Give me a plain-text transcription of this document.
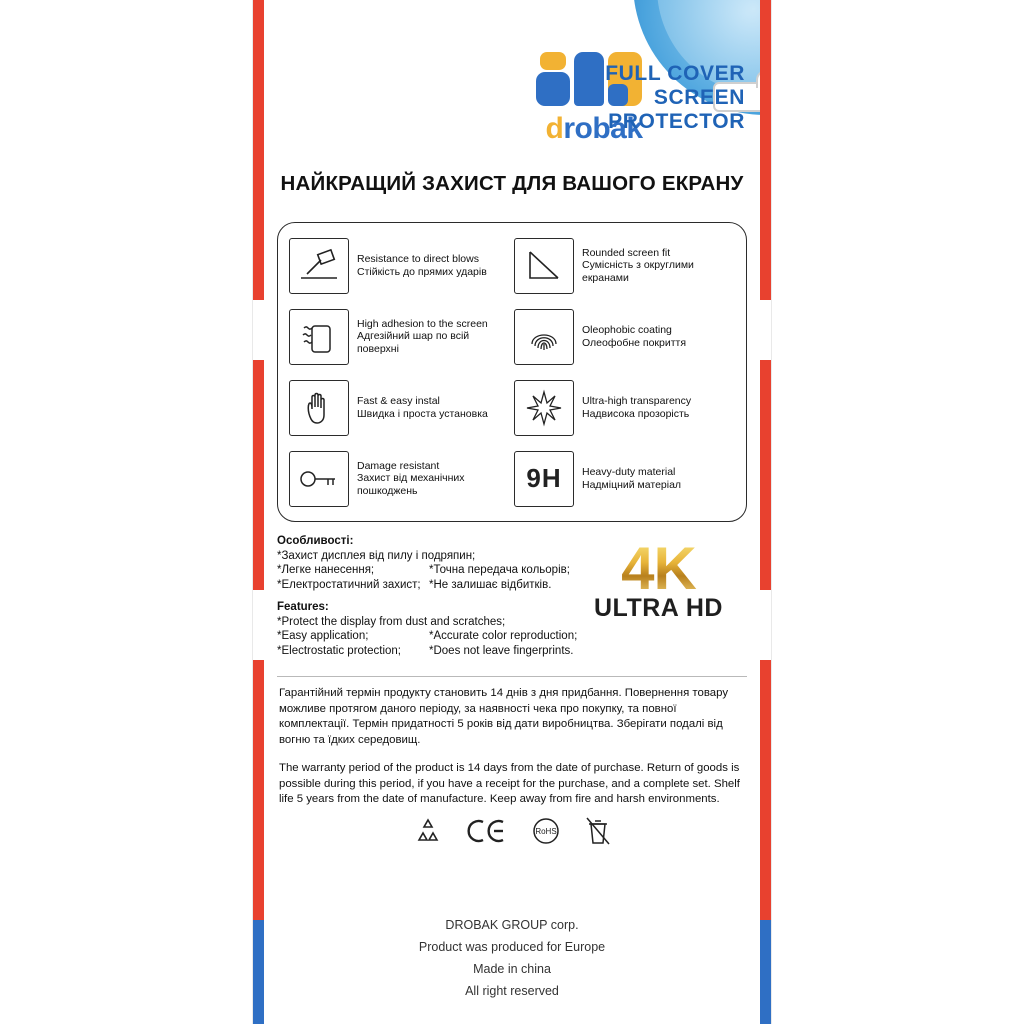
drobak
FULL COVER
SCREEN
PROTECTOR
НАЙКРАЩИЙ ЗАХИСТ ДЛЯ ВАШОГО ЕКРАНУ
Resistance to direct blows
Стійкість до прямих ударів
Rounded screen fit
Сумісність з округлими екранами
High adhesion to the screen
Адгезійний шар по всій поверхні
Oleophobic coating
Олеофобне покриття
Fast & easy instal
Швидка і проста установка
Ultra-high transparency
Надвисока прозорість
Damage resistant
Захист від механічних пошкоджень	9H Heavy-duty material
Надміцний матеріал
Особливості:
*Захист дисплея від пилу і подряпин;
*Легке нанесення;
*Електростатичний захист;
*Точна передача кольорів;
*Не залишає відбитків.
Features:
*Protect the display from dust and scratches;
*Easy application;
*Electrostatic protection;
*Accurate color reproduction;
*Does not leave fingerprints.
4K
ULTRA HD

Гарантійний термін продукту становить 14 днів з дня придбання. Повернення товару можливе протягом даного періоду, за наявності чека про покупку, та повної комплектації. Термін придатності 5 років від дати виробництва. Зберігати подалі від вогню та їдких середовищ.

The warranty period of the product is 14 days from the date of purchase. Return of goods is possible during this period, if you have a receipt for the purchase, and a complete set. Shelf life 5 years from the date of manufacture. Keep away from fire and harsh environments.

RoHS
DROBAK GROUP corp.
Product was produced for Europe
Made in china
All right reserved
